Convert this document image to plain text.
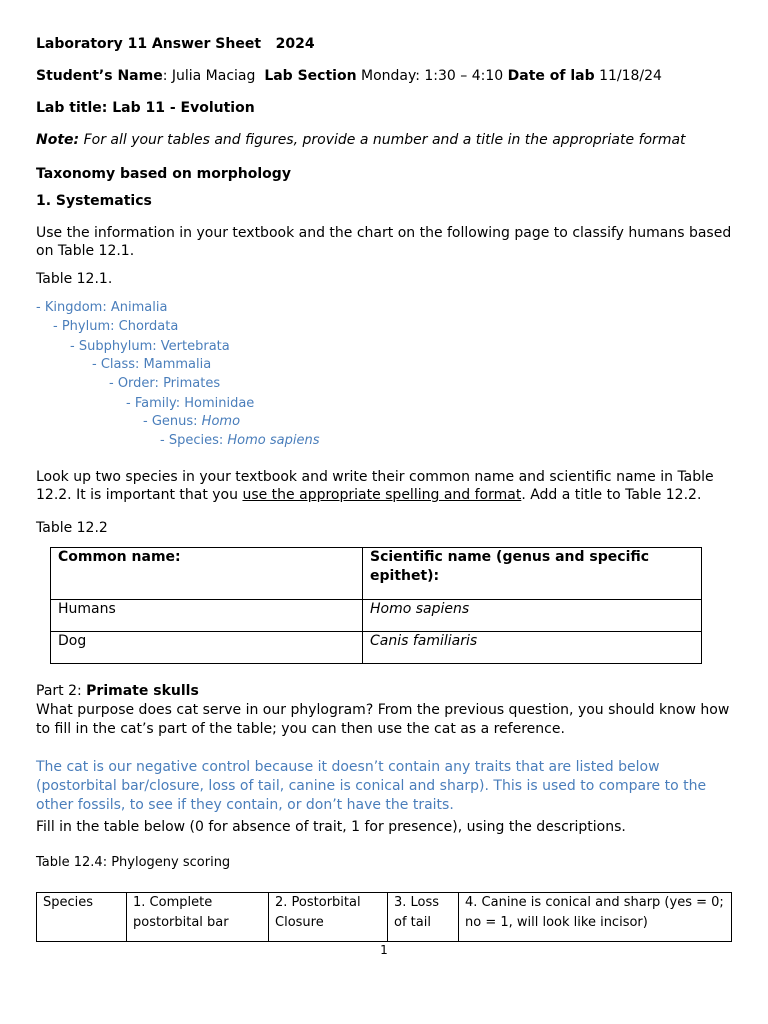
Laboratory 11 Answer Sheet 2024
Student’s Name: Julia Maciag Lab Section Monday: 1:30 – 4:10 Date of lab 11/18/24
Lab title: Lab 11 - Evolution
Note: For all your tables and figures, provide a number and a title in the appropriate format
Taxonomy based on morphology
1. Systematics
Use the information in your textbook and the chart on the following page to classify humans based
on Table 12.1.
Table 12.1.
- Kingdom: Animalia
- Phylum: Chordata
- Subphylum: Vertebrata
- Class: Mammalia
- Order: Primates
- Family: Hominidae
- Genus: Homo
- Species: Homo sapiens
Look up two species in your textbook and write their common name and scientific name in Table
12.2. It is important that you use the appropriate spelling and format. Add a title to Table 12.2.
Table 12.2
Common name:	Scientific name (genus and specific epithet):
Humans	Homo sapiens
Dog	Canis familiaris
Part 2: Primate skulls
What purpose does cat serve in our phylogram? From the previous question, you should know how
to fill in the cat’s part of the table; you can then use the cat as a reference.
The cat is our negative control because it doesn’t contain any traits that are listed below
(postorbital bar/closure, loss of tail, canine is conical and sharp). This is used to compare to the
other fossils, to see if they contain, or don’t have the traits.
Fill in the table below (0 for absence of trait, 1 for presence), using the descriptions.
Table 12.4: Phylogeny scoring
Species	1. Complete postorbital bar	2. Postorbital Closure	3. Loss of tail	4. Canine is conical and sharp (yes = 0; no = 1, will look like incisor)
1
